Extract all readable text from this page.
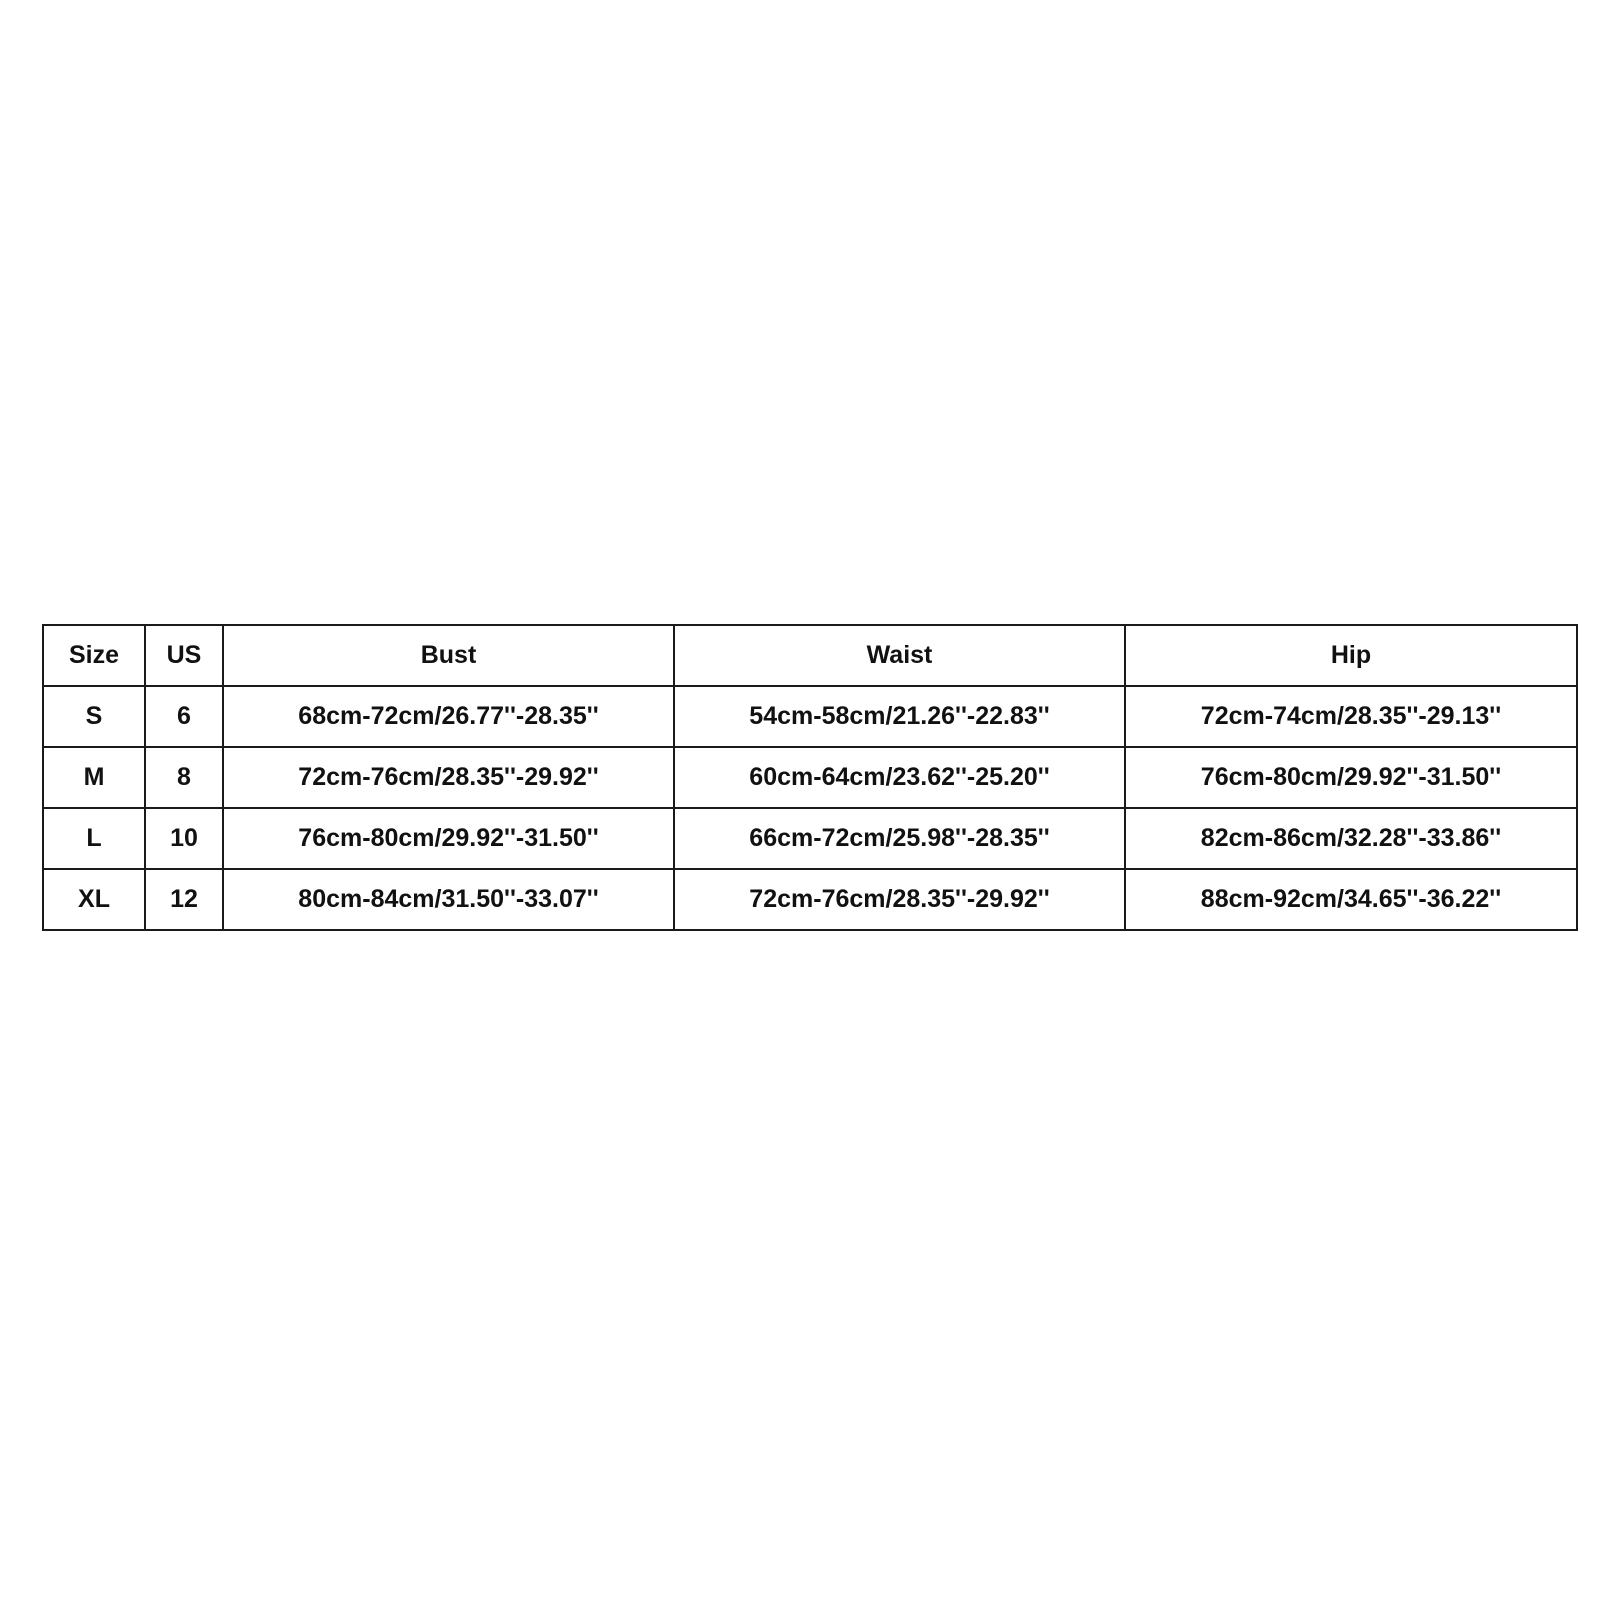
Size	US	Bust	Waist	Hip
S	6	68cm-72cm/26.77''-28.35''	54cm-58cm/21.26''-22.83''	72cm-74cm/28.35''-29.13''
M	8	72cm-76cm/28.35''-29.92''	60cm-64cm/23.62''-25.20''	76cm-80cm/29.92''-31.50''
L	10	76cm-80cm/29.92''-31.50''	66cm-72cm/25.98''-28.35''	82cm-86cm/32.28''-33.86''
XL	12	80cm-84cm/31.50''-33.07''	72cm-76cm/28.35''-29.92''	88cm-92cm/34.65''-36.22''
